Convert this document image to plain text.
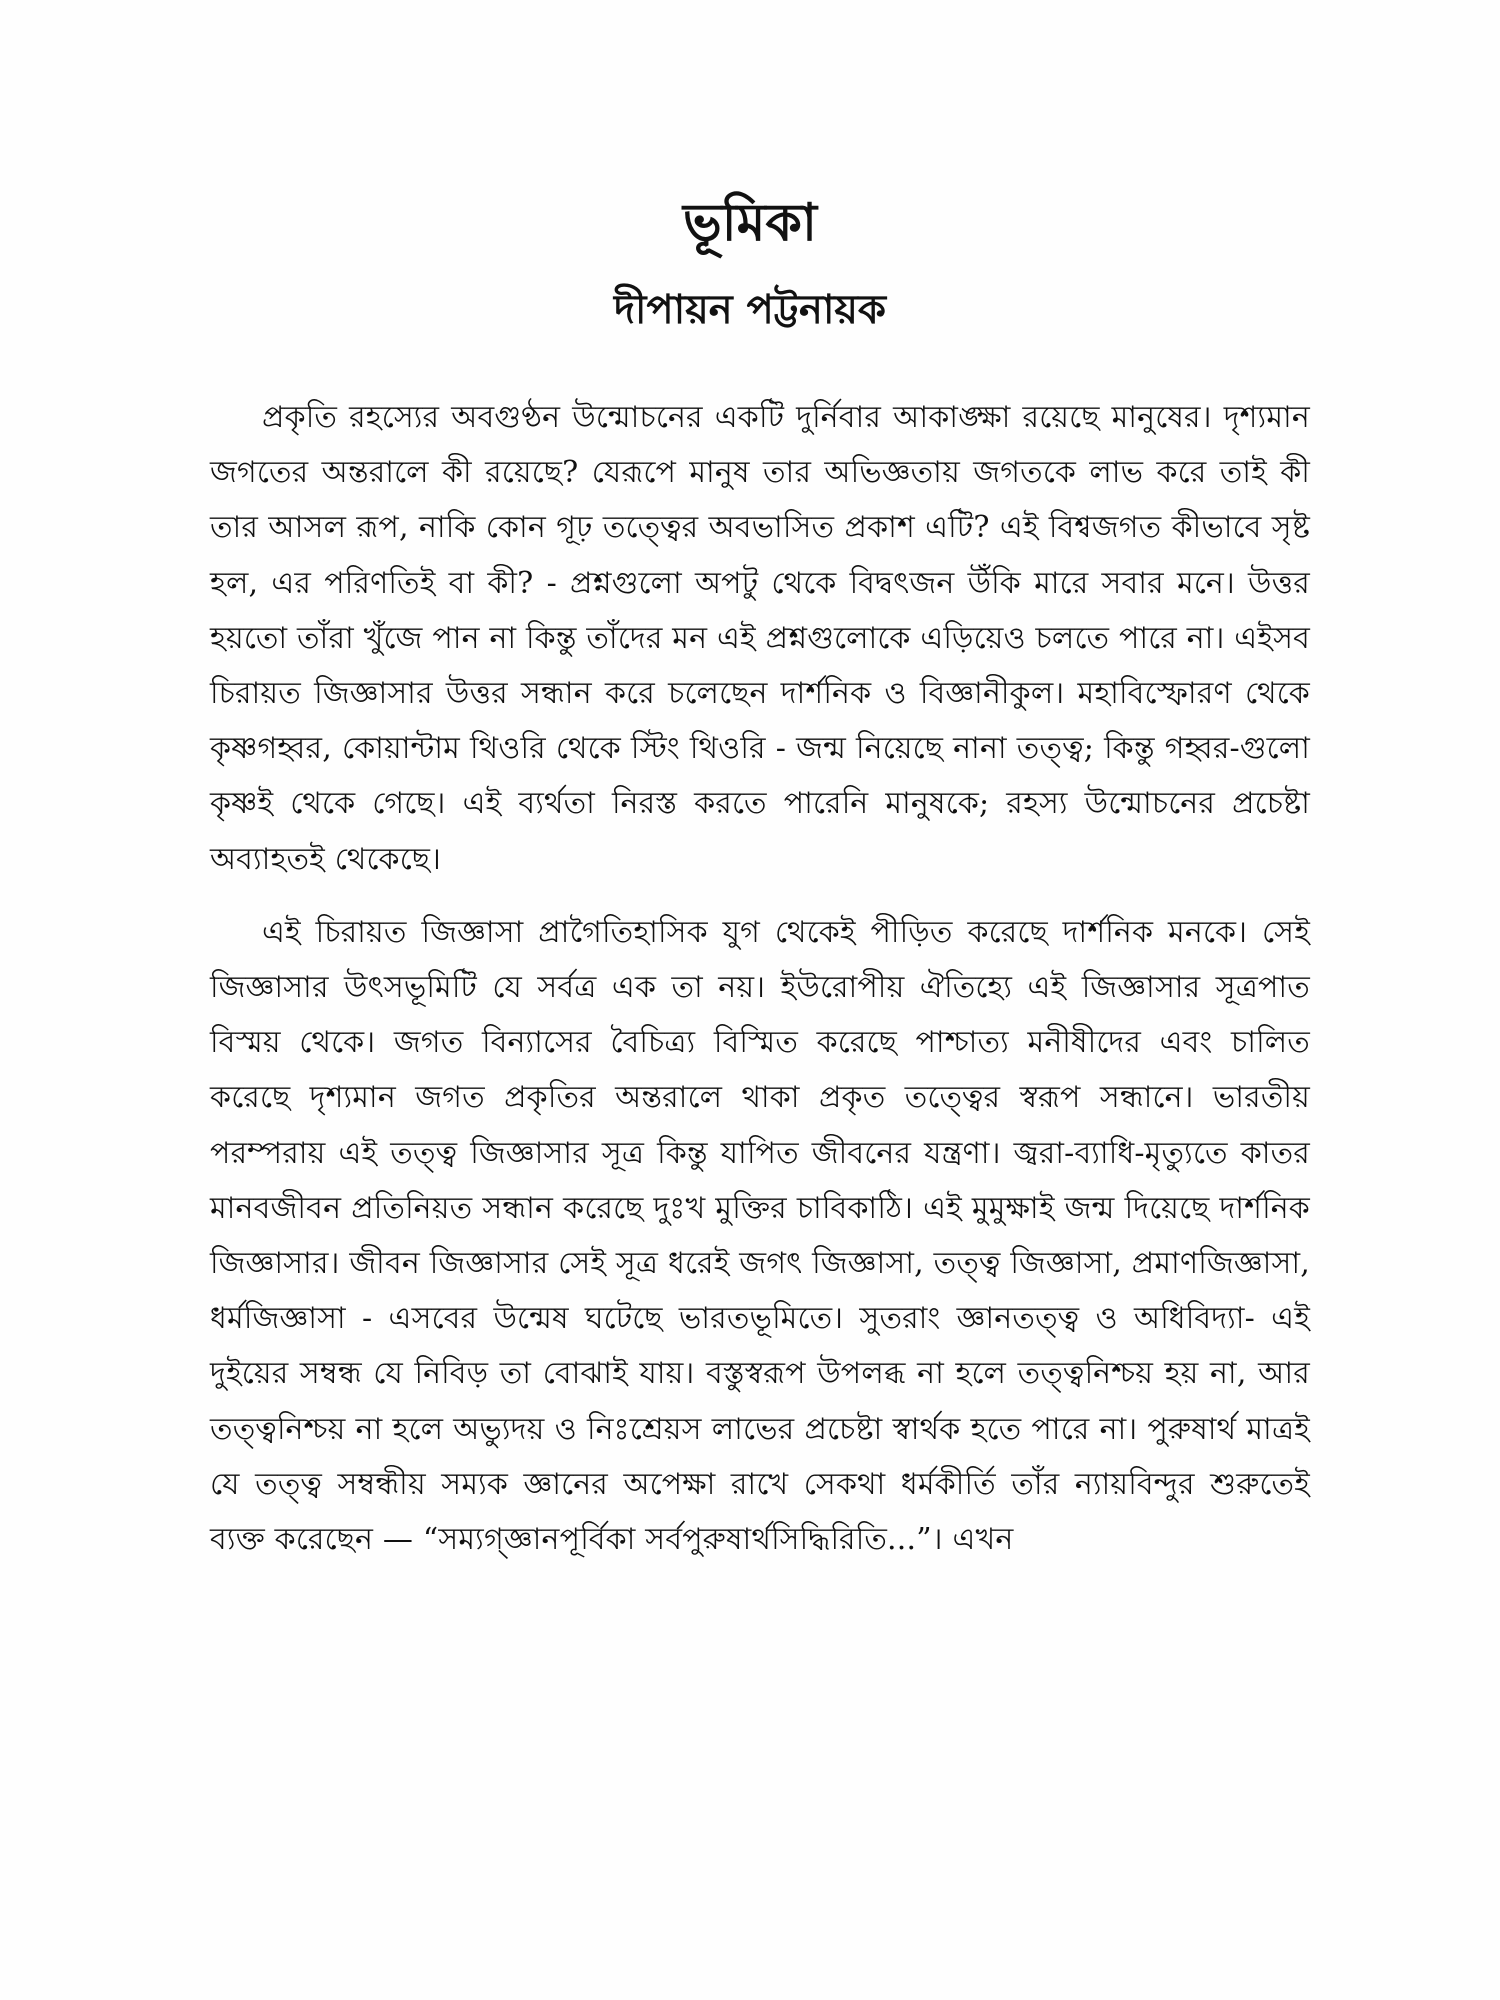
ভূমিকা
দীপায়ন পট্টনায়ক

প্রকৃতি রহস্যের অবগুণ্ঠন উন্মোচনের একটি দুর্নিবার আকাঙ্ক্ষা রয়েছে মানুষের। দৃশ্যমান জগতের অন্তরালে কী রয়েছে? যেরূপে মানুষ তার অভিজ্ঞতায় জগতকে লাভ করে তাই কী তার আসল রূপ, নাকি কোন গূঢ় তত্ত্বের অবভাসিত প্রকাশ এটি? এই বিশ্বজগত কীভাবে সৃষ্ট হল, এর পরিণতিই বা কী? - প্রশ্নগুলো অপটু থেকে বিদ্বৎজন উঁকি মারে সবার মনে। উত্তর হয়তো তাঁরা খুঁজে পান না কিন্তু তাঁদের মন এই প্রশ্নগুলোকে এড়িয়েও চলতে পারে না। এইসব চিরায়ত জিজ্ঞাসার উত্তর সন্ধান করে চলেছেন দার্শনিক ও বিজ্ঞানীকুল। মহাবিস্ফোরণ থেকে কৃষ্ণগহ্বর, কোয়ান্টাম থিওরি থেকে স্টিং থিওরি - জন্ম নিয়েছে নানা তত্ত্ব; কিন্তু গহ্বর-গুলো কৃষ্ণই থেকে গেছে। এই ব্যর্থতা নিরস্ত করতে পারেনি মানুষকে; রহস্য উন্মোচনের প্রচেষ্টা অব্যাহতই থেকেছে।

এই চিরায়ত জিজ্ঞাসা প্রাগৈতিহাসিক যুগ থেকেই পীড়িত করেছে দার্শনিক মনকে। সেই জিজ্ঞাসার উৎসভূমিটি যে সর্বত্র এক তা নয়। ইউরোপীয় ঐতিহ্যে এই জিজ্ঞাসার সূত্রপাত বিস্ময় থেকে। জগত বিন্যাসের বৈচিত্র্য বিস্মিত করেছে পাশ্চাত্য মনীষীদের এবং চালিত করেছে দৃশ্যমান জগত প্রকৃতির অন্তরালে থাকা প্রকৃত তত্ত্বের স্বরূপ সন্ধানে। ভারতীয় পরম্পরায় এই তত্ত্ব জিজ্ঞাসার সূত্র কিন্তু যাপিত জীবনের যন্ত্রণা। জ্বরা-ব্যাধি-মৃত্যুতে কাতর মানবজীবন প্রতিনিয়ত সন্ধান করেছে দুঃখ মুক্তির চাবিকাঠি। এই মুমুক্ষাই জন্ম দিয়েছে দার্শনিক জিজ্ঞাসার। জীবন জিজ্ঞাসার সেই সূত্র ধরেই জগৎ জিজ্ঞাসা, তত্ত্ব জিজ্ঞাসা, প্রমাণজিজ্ঞাসা, ধর্মজিজ্ঞাসা - এসবের উন্মেষ ঘটেছে ভারতভূমিতে। সুতরাং জ্ঞানতত্ত্ব ও অধিবিদ্যা- এই দুইয়ের সম্বন্ধ যে নিবিড় তা বোঝাই যায়। বস্তুস্বরূপ উপলব্ধ না হলে তত্ত্বনিশ্চয় হয় না, আর তত্ত্বনিশ্চয় না হলে অভ্যুদয় ও নিঃশ্রেয়স লাভের প্রচেষ্টা স্বার্থক হতে পারে না। পুরুষার্থ মাত্রই যে তত্ত্ব সম্বন্ধীয় সম্যক জ্ঞানের অপেক্ষা রাখে সেকথা ধর্মকীর্তি তাঁর ন্যায়বিন্দুর শুরুতেই ব্যক্ত করেছেন — “সম্যগ্‌জ্ঞানপূর্বিকা সর্বপুরুষার্থসিদ্ধিরিতি...”। এখন
